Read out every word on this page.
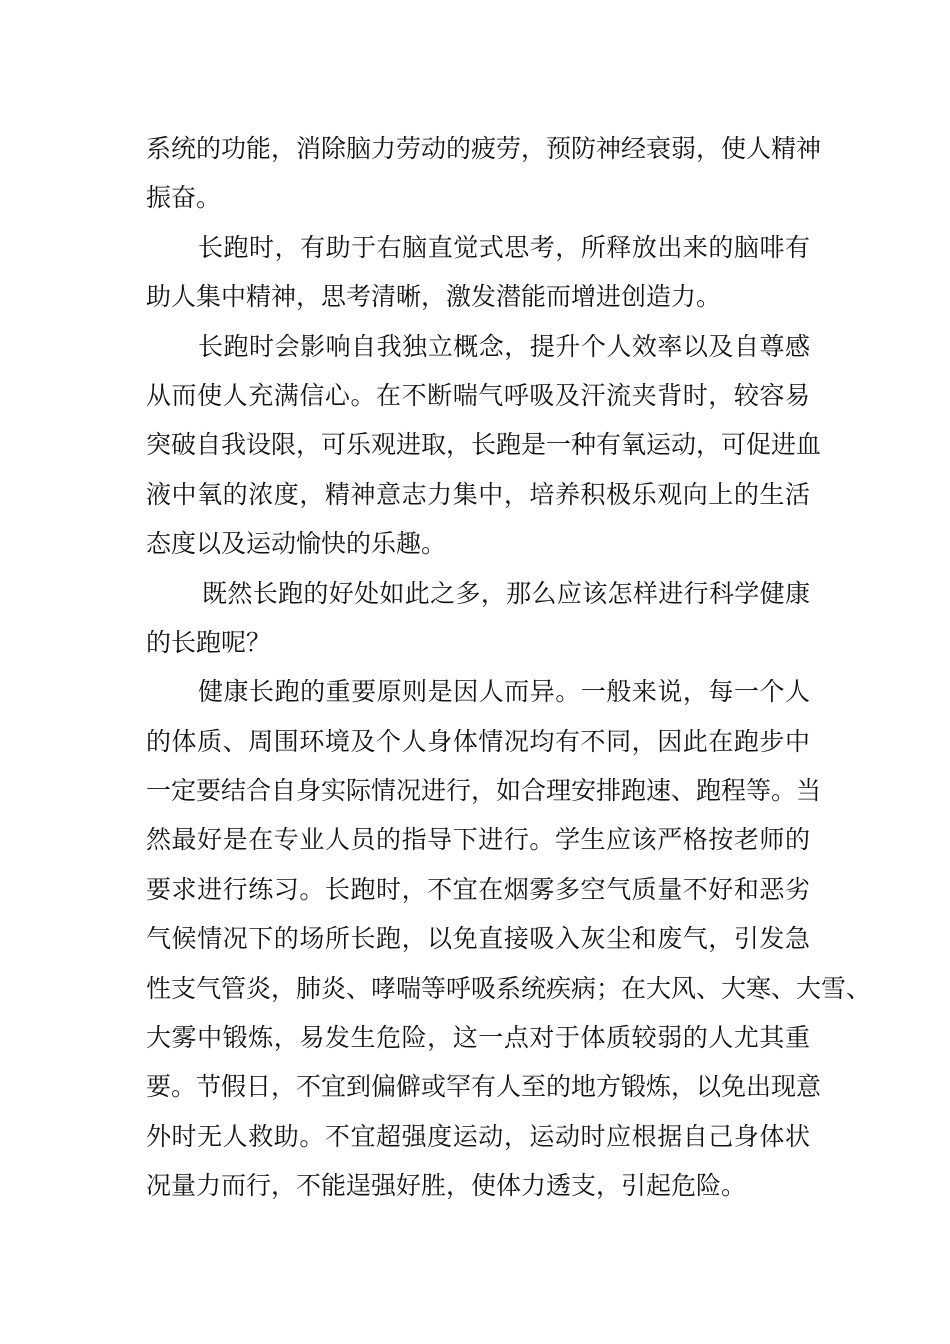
系统的功能，消除脑力劳动的疲劳，预防神经衰弱，使人精神
振奋。
长跑时，有助于右脑直觉式思考，所释放出来的脑啡有
助人集中精神，思考清晰，激发潜能而增进创造力。
长跑时会影响自我独立概念，提升个人效率以及自尊感
从而使人充满信心。在不断喘气呼吸及汗流夹背时，较容易
突破自我设限，可乐观进取，长跑是一种有氧运动，可促进血
液中氧的浓度，精神意志力集中，培养积极乐观向上的生活
态度以及运动愉快的乐趣。
既然长跑的好处如此之多，那么应该怎样进行科学健康
的长跑呢？
健康长跑的重要原则是因人而异。一般来说，每一个人
的体质、周围环境及个人身体情况均有不同，因此在跑步中
一定要结合自身实际情况进行，如合理安排跑速、跑程等。当
然最好是在专业人员的指导下进行。学生应该严格按老师的
要求进行练习。长跑时，不宜在烟雾多空气质量不好和恶劣
气候情况下的场所长跑，以免直接吸入灰尘和废气，引发急
性支气管炎，肺炎、哮喘等呼吸系统疾病；在大风、大寒、大雪、
大雾中锻炼，易发生危险，这一点对于体质较弱的人尤其重
要。节假日，不宜到偏僻或罕有人至的地方锻炼，以免出现意
外时无人救助。不宜超强度运动，运动时应根据自己身体状
况量力而行，不能逞强好胜，使体力透支，引起危险。
